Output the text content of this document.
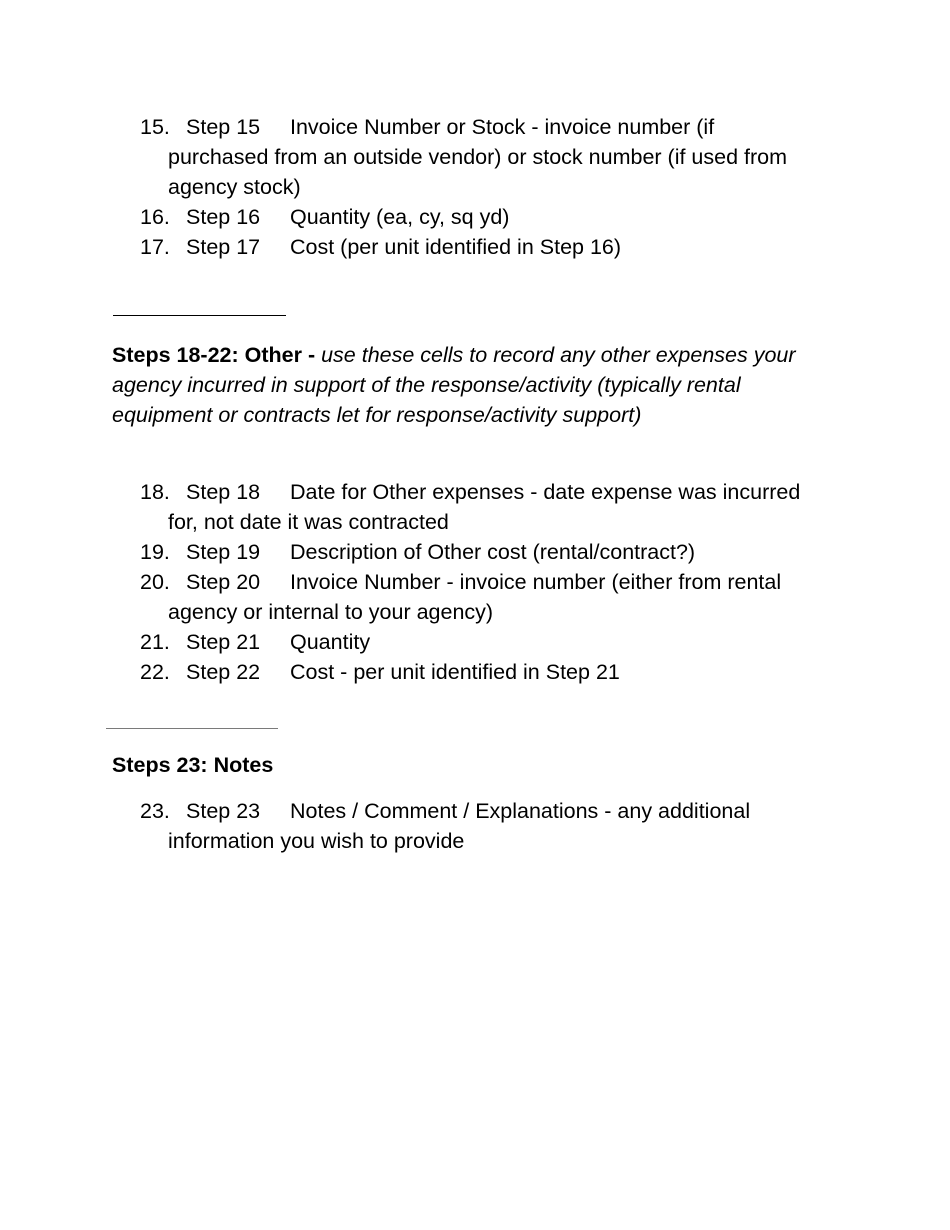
15. Step 15 Invoice Number or Stock - invoice number (if
purchased from an outside vendor) or stock number (if used from
agency stock)
16. Step 16 Quantity (ea, cy, sq yd)
17. Step 17 Cost (per unit identified in Step 16)

Steps 18-22: Other - use these cells to record any other expenses your
agency incurred in support of the response/activity (typically rental
equipment or contracts let for response/activity support)

18. Step 18 Date for Other expenses - date expense was incurred
for, not date it was contracted
19. Step 19 Description of Other cost (rental/contract?)
20. Step 20 Invoice Number - invoice number (either from rental
agency or internal to your agency)
21. Step 21 Quantity
22. Step 22 Cost - per unit identified in Step 21

Steps 23: Notes

23. Step 23 Notes / Comment / Explanations - any additional
information you wish to provide
